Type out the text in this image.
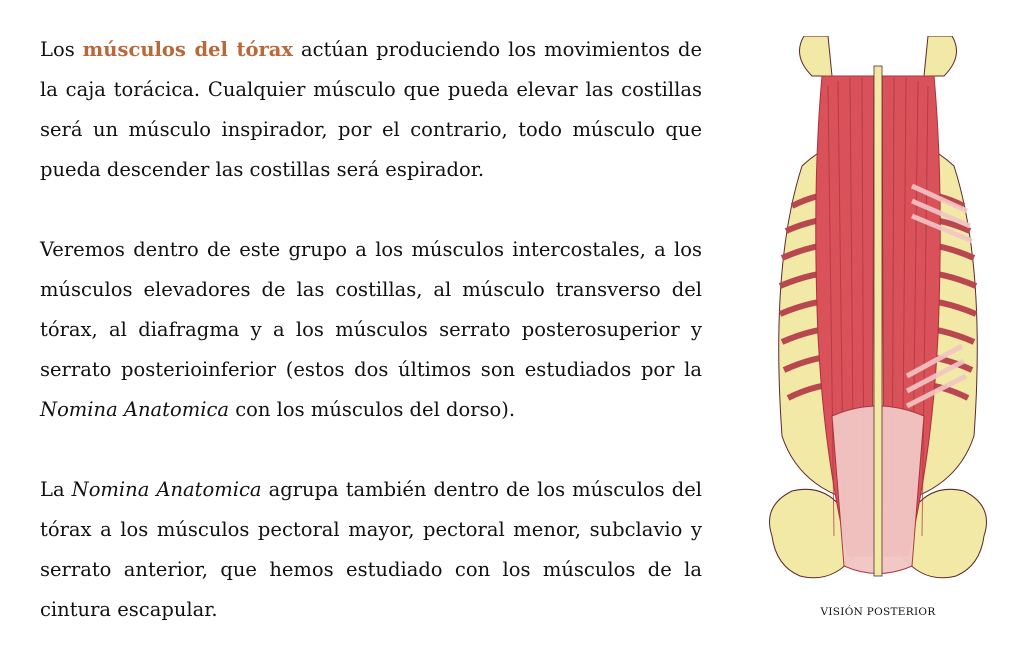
Los músculos del tórax actúan produciendo los movimientos de la caja torácica. Cualquier músculo que pueda elevar las costillas será un músculo inspirador, por el contrario, todo músculo que pueda descender las costillas será espirador.

Veremos dentro de este grupo a los músculos intercostales, a los músculos elevadores de las costillas, al músculo transverso del tórax, al diafragma y a los músculos serrato posterosuperior y serrato posterioinferior (estos dos últimos son estudiados por la Nomina Anatomica con los músculos del dorso).

La Nomina Anatomica agrupa también dentro de los músculos del tórax a los músculos pectoral mayor, pectoral menor, subclavio y serrato anterior, que hemos estudiado con los músculos de la cintura escapular.	VISIÓN POSTERIOR
